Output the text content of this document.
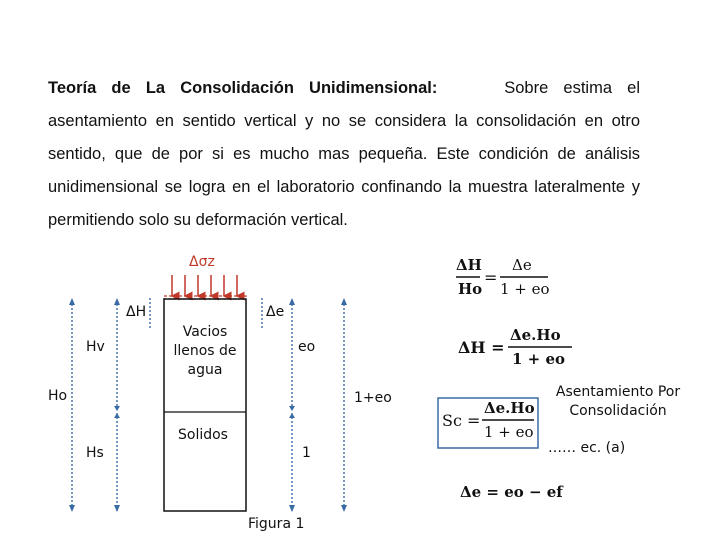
Teoría de La Consolidación Unidimensional:	Sobre estima el asentamiento en sentido vertical y no se considera la consolidación en otro sentido, que de por si es mucho mas pequeña. Este condición de análisis unidimensional se logra en el laboratorio confinando la muestra lateralmente y permitiendo solo su deformación vertical.

Δσz
ΔH	Δe
Hv
Vacios llenos de agua
eo
Ho	1+eo
Solidos
Hs	1
Figura 1
ΔH
Ho
=
Δe
1 + eo
ΔH =
Δe.Ho
1 + eo
Sc =
Δe.Ho
1 + eo
Δe = eo − ef
Asentamiento Por Consolidación
…… ec. (a)
